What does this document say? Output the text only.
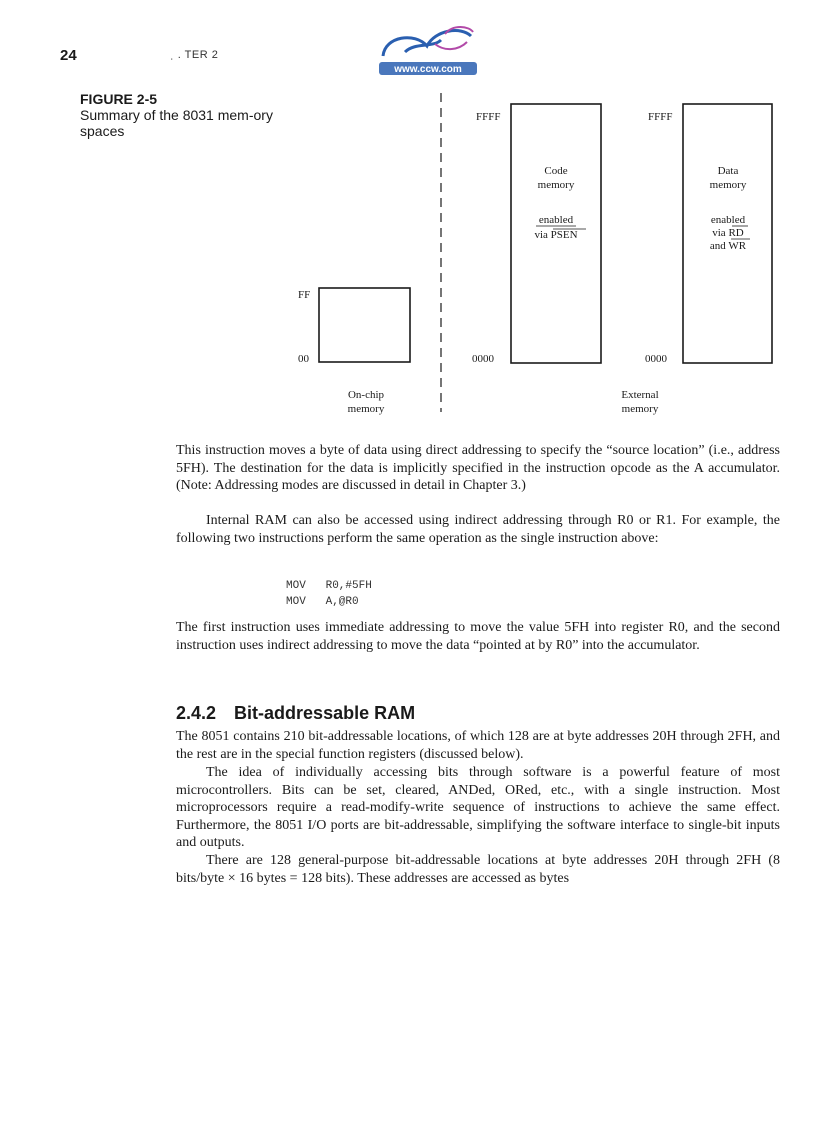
24	ˌ . TER 2
www.ccw.com
FIGURE 2-5
Summary of the 8031 mem-ory spaces
FF
00
On-chip
memory
FFFF
0000
Code
memory
enabled
via PSEN
FFFF
0000
Data
memory
enabled
via RD
and WR
External
memory
This instruction moves a byte of data using direct addressing to specify the “source location” (i.e., address 5FH). The destination for the data is implicitly specified in the instruction opcode as the A accumulator. (Note: Addressing modes are discussed in detail in Chapter 3.)
Internal RAM can also be accessed using indirect addressing through R0 or R1. For example, the following two instructions perform the same operation as the single instruction above:
MOV   R0,#5FH
MOV   A,@R0
The first instruction uses immediate addressing to move the value 5FH into register R0, and the second instruction uses indirect addressing to move the data “pointed at by R0” into the accumulator.
2.4.2 Bit-addressable RAM
The 8051 contains 210 bit-addressable locations, of which 128 are at byte addresses 20H through 2FH, and the rest are in the special function registers (discussed below).
The idea of individually accessing bits through software is a powerful feature of most microcontrollers. Bits can be set, cleared, ANDed, ORed, etc., with a single instruction. Most microprocessors require a read-modify-write sequence of instructions to achieve the same effect. Furthermore, the 8051 I/O ports are bit-addressable, simplifying the software interface to single-bit inputs and outputs.
There are 128 general-purpose bit-addressable locations at byte addresses 20H through 2FH (8 bits/byte × 16 bytes = 128 bits). These addresses are accessed as bytes
